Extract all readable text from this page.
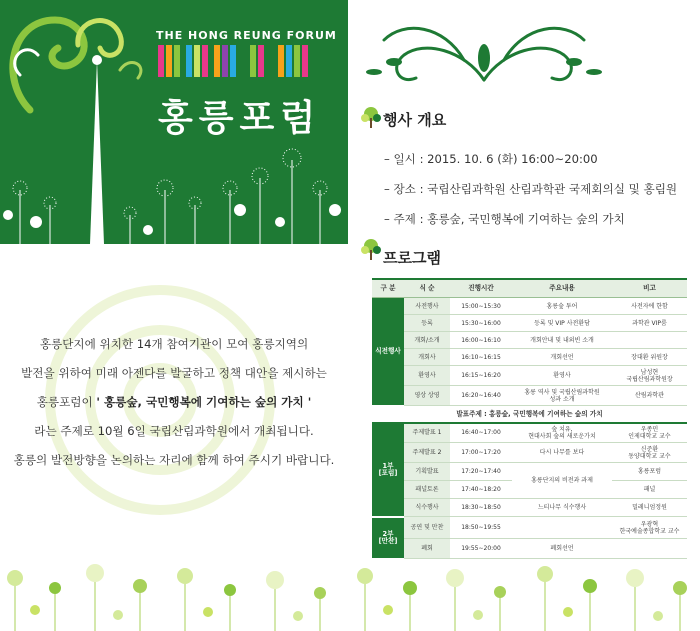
THE HONG REUNG FORUM
홍릉포럼

홍릉단지에 위치한 14개 참여기관이 모여 홍릉지역의

발전을 위하여 미래 아젠다를 발굴하고 정책 대안을 제시하는

홍릉포럼이 ' 홍릉숲, 국민행복에 기여하는 숲의 가치 '

라는 주제로 10월 6일 국립산림과학원에서 개최됩니다.

홍릉의 발전방향을 논의하는 자리에 함께 하여 주시기 바랍니다.

행사 개요
– 일시 : 2015. 10. 6 (화) 16:00∼20:00
– 장소 : 국립산림과학원 산림과학관 국제회의실 및 홍림원
– 주제 : 홍릉숲, 국민행복에 기여하는 숲의 가치
프로그램
구 분	식 순	진행시간	주요내용	비고
식전행사	사전행사	15:00∼15:30	홍릉숲 투어	사전자에 한함
	등록	15:30∼16:00	등록 및 VIP 사전환담	과학관 VIP룸
	개회/소개	16:00∼16:10	개회안내 및 내외빈 소개	
	개회사	16:10∼16:15	개회선언	장대환 위원장
	환영사	16:15∼16:20	환영사	남성현
국립산림과학원장
	영상 상영	16:20∼16:40	홍릉 역사 및 국립산림과학원
성과 소개	산림과학관
발표주제 : 홍릉숲, 국민행복에 기여하는 숲의 가치				
1부
[포럼]	주제발표 1	16:40∼17:00	숲 치유,
현대사회 숲의 새로운가치	우종민
인제대학교 교수
	주제발표 2	17:00∼17:20	다시 나무를 보다	신준환
동양대학교 교수
	기획발표	17:20∼17:40	홍릉단지의 비전과 과제	홍릉포럼
	패널토론	17:40∼18:20		패널
	식수행사	18:30∼18:50	느티나무 식수행사	밀레니엄정원
2부
[만찬]	공연 및 만찬	18:50∼19:55		우광혁
한국예술종합학교 교수
	폐회	19:55∼20:00	폐회선언	
